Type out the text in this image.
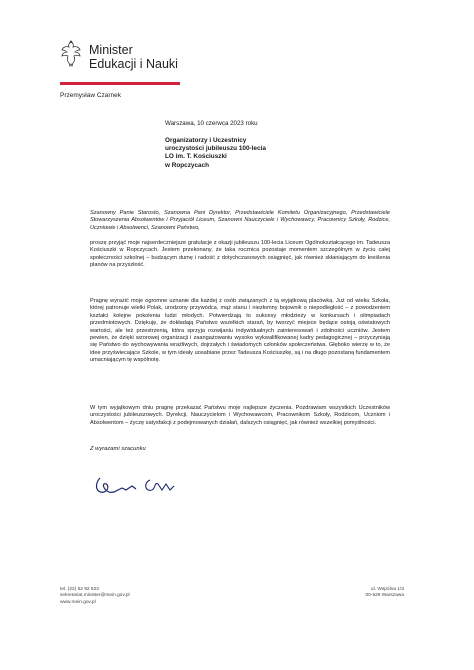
Minister
Edukacji i Nauki
Przemysław Czarnek
Warszawa, 10 czerwca 2023 roku
Organizatorzy i Uczestnicy
uroczystości jubileuszu 100-lecia
LO im. T. Kościuszki
w Ropczycach
Szanowny Panie Starosto, Szanowna Pani Dyrektor, Przedstawiciele Komitetu Organizacyjnego, Przedstawiciele Stowarzyszenia Absolwentów i Przyjaciół Liceum, Szanowni Nauczyciele i Wychowawcy, Pracownicy Szkoły, Rodzice, Uczniowie i Absolwenci, Szanowni Państwo,
proszę przyjąć moje najserdeczniejsze gratulacje z okazji jubileuszu 100-lecia Liceum Ogólnokształcącego im. Tadeusza Kościuszki w Ropczycach. Jestem przekonany, że taka rocznica pozostaje momentem szczególnym w życiu całej społeczności szkolnej – budzącym dumę i radość z dotychczasowych osiągnięć, jak również skłaniającym do kreślenia planów na przyszłość.
Pragnę wyrazić moje ogromne uznanie dla każdej z osób związanych z tą wyjątkową placówką. Już od wieku Szkoła, której patronuje wielki Polak, urodzony przywódca, mąż stanu i niezłomny bojownik o niepodległość – z powodzeniem kształci kolejne pokolenia ludzi młodych. Potwierdzają to sukcesy młodzieży w konkursach i olimpiadach przedmiotowych. Dziękuję, że dokładają Państwo wszelkich starań, by tworzyć miejsce będące ostoją oświatowych wartości, ale też przestrzenią, która sprzyja rozwijaniu indywidualnych zainteresowań i zdolności uczniów. Jestem pewien, że dzięki wzorowej organizacji i zaangażowaniu wysoko wykwalifikowanej kadry pedagogicznej – przyczyniają się Państwo do wychowywania wrażliwych, dojrzałych i świadomych członków społeczeństwa. Głęboko wierzę w to, że idee przyświecające Szkole, w tym ideały uosabiane przez Tadeusza Kościuszkę, są i na długo pozostaną fundamentem umacniającym tę wspólnotę.
W tym wyjątkowym dniu pragnę przekazać Państwu moje najlepsze życzenia. Pozdrawiam wszystkich Uczestników uroczystości jubileuszowych. Dyrekcji, Nauczycielom i Wychowawcom, Pracownikom Szkoły, Rodzicom, Uczniom i Absolwentom – życzę satysfakcji z podejmowanych działań, dalszych osiągnięć, jak również wszelkiej pomyślności.
Z wyrazami szacunku
tel. (22) 52 92 623
sekretariat.minister@mein.gov.pl
www.mein.gov.pl
ul. Wspólna 1/3
00-529 Warszawa
